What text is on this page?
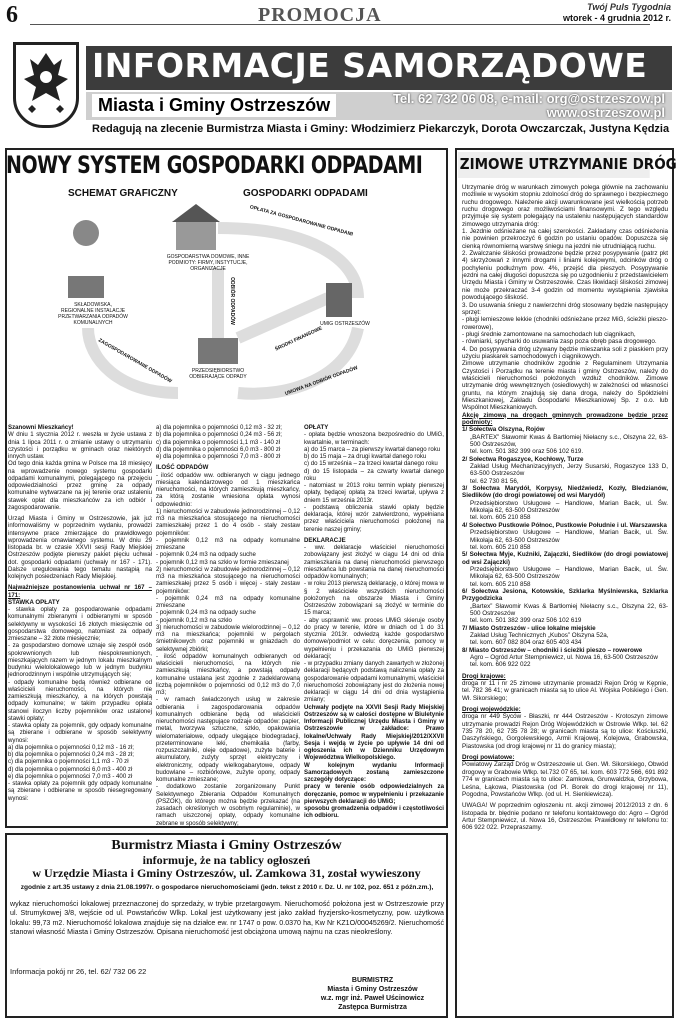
6	PROMOCJA	Twój Puls Tygodnia
wtorek - 4 grudnia 2012 r.
INFORMACJE SAMORZĄDOWE
Miasta i Gminy Ostrzeszów	Tel. 62 732 06 08, e-mail: org@ostrzeszow.pl
www.ostrzeszow.pl
Redagują na zlecenie Burmistrza Miasta i Gminy: Włodzimierz Piekarczyk, Dorota Owczarczak, Justyna Kędzia
NOWY SYSTEM GOSPODARKI ODPADAMI
SCHEMAT GRAFICZNY	GOSPODARKI ODPADAMI
GOSPODARSTWA DOMOWE, INNE PODMIOTY: FIRMY, INSTYTUCJE, ORGANIZACJE
SKŁADOWISKA, REGIONALNE INSTALACJE PRZETWARZANIA ODPADÓW KOMUNALNYCH	UMIG OSTRZESZÓW
PRZEDSIĘBIORSTWO ODBIERAJĄCE ODPADY
OPŁATA ZA GOSPODAROWANIE ODPADAMI
ODBIÓR ODPADÓW
ŚRODKI FINANSOWE
UMOWA NA ODBIÓR ODPADÓW
ZAGOSPODAROWANIE ODPADÓW
Szanowni Mieszkańcy!
W dniu 1 stycznia 2012 r. weszła w życie ustawa z dnia 1 lipca 2011 r. o zmianie ustawy o utrzymaniu czystości i porządku w gminach oraz niektórych innych ustaw.
Od tego dnia każda gmina w Polsce ma 18 miesięcy na wprowadzenie nowego systemu gospodarki odpadami komunalnymi, polegającego na przejęciu odpowiedzialności przez gminę za odpady komunalne wytwarzane na jej terenie oraz ustaleniu stawek opłat dla mieszkańców za ich odbiór i zagospodarowanie.
Urząd Miasta i Gminy w Ostrzeszowie, jak już informowaliśmy w poprzednim wydaniu, prowadzi intensywne prace zmierzające do prawidłowego wprowadzenia omawianego systemu. W dniu 29 listopada br. w czasie XXVII sesji Rady Miejskiej Ostrzeszów podjęte pierwszy pakiet pięciu uchwał dot. gospodarki odpadami (uchwały nr 167 - 171). Dalsze uregulowania tego tematu nastąpią na kolejnych posiedzeniach Rady Miejskiej.
Najważniejsze postanowienia uchwał nr 167 – 171:
STAWKA OPŁATY
- stawka opłaty za gospodarowanie odpadami komunalnymi zbieranymi i odbieranymi w sposób selektywny w wysokości 16 złotych miesięcznie od gospodarstwa domowego, natomiast za odpady zmieszane – 32 złote miesięcznie;
- za gospodarstwo domowe uznaje się zespół osób spokrewnionych lub niespokrewnionych, mieszkających razem w jednym lokalu mieszkalnym budynku wielolokalowego lub w jednym budynku jednorodzinnym i wspólnie utrzymujących się;
- odpady komunalne będą również odbierane od właścicieli nieruchomości, na których nie zamieszkują mieszkańcy, a na których powstają odpady komunalne; w takim przypadku opłata stanowi iloczyn liczby pojemników oraz ustalonej stawki opłaty;
- stawka opłaty za pojemnik, gdy odpady komunalne są zbierane i odbierane w sposób selektywny wynosi:
a) dla pojemnika o pojemności 0,12 m3 - 16 zł;
b) dla pojemnika o pojemności 0,24 m3 - 28 zł;
c) dla pojemnika o pojemności 1,1 m3 - 70 zł
d) dla pojemnika o pojemności 6,0 m3 - 400 zł
e) dla pojemnika o pojemności 7,0 m3 - 400 zł
- stawka opłaty za pojemnik gdy odpady komunalne są zbierane i odbierane w sposób niesegregowany wynosi:
a) dla pojemnika o pojemności 0,12 m3 - 32 zł;
b) dla pojemnika o pojemności 0,24 m3 - 56 zł;
c) dla pojemnika o pojemności 1,1 m3 - 140 zł
d) dla pojemnika o pojemności 6,0 m3 - 800 zł
e) dla pojemnika o pojemności 7,0 m3 - 800 zł
ILOŚĆ ODPADÓW
- ilość odpadów ww. odbieranych w ciągu jednego miesiąca kalendarzowego od 1 mieszkańca nieruchomości, na których zamieszkują mieszkańcy, za którą zostanie wniesiona opłata wynosi odpowiednio:
1) nieruchomości w zabudowie jednorodzinnej – 0,12 m3 na mieszkańca stosującego na nieruchomości zamieszkałej przez 1 do 4 osób - stały zestaw pojemników:
- pojemnik 0,12 m3 na odpady komunalne zmieszane
- pojemnik 0,24 m3 na odpady suche
- pojemnik 0,12 m3 na szkło w formie zmieszanej
2) nieruchomości w zabudowie jednorodzinnej – 0,12 m3 na mieszkańca stosującego na nieruchomości zamieszkałej przez 5 osób i więcej - stały zestaw pojemników:
- pojemnik 0,24 m3 na odpady komunalne zmieszane
- pojemnik 0,24 m3 na odpady suche
- pojemnik 0,12 m3 na szkło
3) nieruchomości w zabudowie wielorodzinnej – 0,12 m3 na mieszkańca; pojemniki w pergolach śmietnikowych oraz pojemniki w gniazdach do selektywnej zbiórki;
- ilość odpadów komunalnych odbieranych od właścicieli nieruchomości, na których nie zamieszkują mieszkańcy, a powstają odpady komunalne ustalana jest zgodnie z zadeklarowaną liczbą pojemników o pojemności od 0,12 m3 do 7,0 m3;
- w ramach świadczonych usług w zakresie odbierania i zagospodarowania odpadów komunalnych odbierane będą od właścicieli nieruchomości następujące rodzaje odpadów: papier, metal, tworzywa sztuczne, szkło, opakowania wielomateriałowe, odpady ulegające biodegradacji, przeterminowane leki, chemikalia (farby, rozpuszczalniki, oleje odpadowe), zużyte baterie i akumulatory, zużyty sprzęt elektryczny i elektroniczny, odpady wielkogabarytowe, odpady budowlane – rozbiórkowe, zużyte opony, odpady komunalne zmieszane;
- dodatkowo zostanie zorganizowany Punkt Selektywnego Zbierania Odpadów Komunalnych (PSZOK), do którego można będzie przekazać (na zasadach określonych w osobnym regulaminie), w ramach uiszczonej opłaty, odpady komunalne zebrane w sposób selektywny;
OPŁATY
- opłata będzie wnoszona bezpośrednio do UMiG, kwartalnie, w terminach:
a) do 15 marca – za pierwszy kwartał danego roku
b) do 15 maja – za drugi kwartał danego roku
c) do 15 września – za trzeci kwartał danego roku
d) do 15 listopada – za czwarty kwartał danego roku
- natomiast w 2013 roku termin wpłaty pierwszej opłaty, będącej opłatą za trzeci kwartał, upływa z dniem 15 września 2013r.
- podstawą obliczenia stawki opłaty będzie deklaracja, której wzór zatwierdzono, wypełniana przez właściciela nieruchomości położonej na terenie naszej gminy;
DEKLARACJE
- ww. deklaracje właściciel nieruchomości zobowiązany jest złożyć w ciągu 14 dni od dnia zamieszkania na danej nieruchomości pierwszego mieszkańca lub powstania na danej nieruchomości odpadów komunalnych;
- w roku 2013 pierwszą deklarację, o której mowa w § 2 właściciele wszystkich nieruchomości położonych na obszarze Miasta i Gminy Ostrzeszów zobowiązani są złożyć w terminie do 15 marca;
- aby usprawnić ww. proces UMiG skieruje osoby do pracy w terenie, które w dniach od 1 do 31 stycznia 2013r. odwiedzą każde gospodarstwo domowe/podmiot w celu: doręczenia, pomocy w wypełnieniu i przekazania do UMiG pierwszej deklaracji;
- w przypadku zmiany danych zawartych w złożonej deklaracji będących podstawą naliczenia opłaty za gospodarowanie odpadami komunalnymi, właściciel nieruchomości zobowiązany jest do złożenia nowej deklaracji w ciągu 14 dni od dnia wystąpienia zmiany;
Uchwały podjęte na XXVII Sesji Rady Miejskiej Ostrzeszów są w całości dostępne w Biuletynie Informacji Publicznej Urzędu Miasta i Gminy w Ostrzeszowie w zakładce: Prawo lokalne/Uchwały Rady Miejskiej/2012/XXVII Sesja i wejdą w życie po upływie 14 dni od ogłoszenia ich w Dzienniku Urzędowym Województwa Wielkopolskiego.
W kolejnym wydaniu Informacji Samorządowych zostaną zamieszczone szczegóły dotyczące:
pracy w terenie osób odpowiedzialnych za doręczanie, pomoc w wypełnieniu i przekazanie pierwszych deklaracji do UMiG;
sposobu gromadzenia odpadów i częstotliwości ich odbioru.
ZIMOWE UTRZYMANIE DRÓG
Utrzymanie dróg w warunkach zimowych polega głównie na zachowaniu możliwie w wysokim stopniu zdolności dróg do sprawnego i bezpiecznego ruchu drogowego. Należenie akcji uwarunkowane jest wielkością potrzeb ruchu drogowego oraz możliwościami finansowymi. Z tego względu przyjmuje się system polegający na ustaleniu następujących standardów zimowego utrzymania dróg:
1. Jezdnie odśnieżane na całej szerokości. Zakładany czas odśnieżenia nie powinien przekroczyć 6 godzin po ustaniu opadów. Dopuszcza się cienką równomierną warstwę śniegu na jezdni nie utrudniającą ruchu.
2. Zwalczanie śliskości prowadzone będzie przez posypywanie (patrz pkt 4) skrzyżowań z innymi drogami i liniami kolejowymi, odcinków dróg o pochyleniu podłużnym pow. 4%, przejść dla pieszych. Posypywanie jezdni na całej długości dopuszcza się po uzgodnieniu z przedstawicielem Urzędu Miasta i Gminy w Ostrzeszowie. Czas likwidacji śliskości zimowej nie może przekraczać 3-4 godzin od momentu wystąpienia zjawiska powodującego śliskość.
3. Do usuwania śniegu z nawierzchni dróg stosowany będzie następujący sprzęt:
- pługi lemieszowe lekkie (chodniki odśnieżane przez MiG, ścieżki pieszo-rowerowe),
- pługi średnie zamontowane na samochodach lub ciągnikach,
- równiarki, spycharki do usuwania zasp poza obręb pasa drogowego.
4. Do posypywania dróg używany będzie mieszanka soli z piaskiem przy użyciu piaskarek samochodowych i ciągnikowych.
Zimowe utrzymanie chodników zgodnie z Regulaminem Utrzymania Czystości i Porządku na terenie miasta i gminy Ostrzeszów, należy do właścicieli nieruchomości położonych wzdłuż chodników. Zimowe utrzymanie dróg wewnętrznych (osiedlowych) w zależności od własności gruntu, na którym znajdują się dana droga, należy do Spółdzielni Mieszkaniowej, Zakładu Gospodarki Mieszkaniowej Sp. z o.o. lub Wspólnot Mieszkaniowych.
Akcję zimową na drogach gminnych prowadzone będzie przez podmioty:
1/ Sołectwa Olszyna, Rojów
„BARTEX” Sławomir Kwas & Bartłomiej Niełacny s.c., Olszyna 22, 63-500 Ostrzeszów,
tel. kom. 501 382 399 oraz 506 102 619.
2/ Sołectwa Rogaszyce, Kochłowy, Turze
Zakład Usług Mechanizacyjnych, Jerzy Susarski, Rogaszyce 133 D, 63-500 Ostrzeszów
tel. 62 730 81 56,
3/ Sołectwa Marydół, Korpysy, Niedźwiedź, Kozły, Bledzianów, Siedlików (do drogi powiatowej od wsi Marydół)
Przedsiębiorstwo Usługowe – Handlowe, Marian Bacik, ul. Św. Mikołaja 62, 63-500 Ostrzeszów
tel. kom. 605 210 858
4/ Sołectwo Pustkowie Północ, Pustkowie Południe i ul. Warszawska
Przedsiębiorstwo Usługowe – Handlowe, Marian Bacik, ul. Św. Mikołaja 62, 63-500 Ostrzeszów
tel. kom. 605 210 858
5/ Sołectwa Myje, Kuźniki, Zajączki, Siedlików (do drogi powiatowej od wsi Zajączki)
Przedsiębiorstwo Usługowe – Handlowe, Marian Bacik, ul. Św. Mikołaja 62, 63-500 Ostrzeszów
tel. kom. 605 210 858
6/ Sołectwa Jesiona, Kotowskie, Szklarka Myślniewska, Szklarka Przygodzicka
„Bartex” Sławomir Kwas & Bartłomiej Niełacny s.c., Olszyna 22, 63-500 Ostrzeszów
tel. kom. 501 382 399 oraz 506 102 619
7/ Miasto Ostrzeszów - ulice lokalne miejskie
Zakład Usług Technicznych „Kubos” Olszyna 52a,
tel. kom. 607 082 804 oraz 605 403 434
8/ Miasto Ostrzeszów – chodniki i ścieżki pieszo – rowerowe
Agro – Ogród Artur Stempniewicz, ul. Nowa 16, 63-500 Ostrzeszów
tel. kom. 606 922 022
Drogi krajowe:
droga nr 11 i nr 25 zimowe utrzymanie prowadzi Rejon Dróg w Kępnie, tel. 782 36 41; w granicach miasta są to ulice Al. Wojska Polskiego i Gen. Wł. Sikorskiego;
Drogi wojewódzkie:
droga nr 449 Syców - Błaszki, nr 444 Ostrzeszów - Krotoszyn zimowe utrzymanie prowadzi Rejon Dróg Wojewódzkich w Ostrowie Wlkp. tel. 62 735 78 20, 62 735 78 28; w granicach miasta są to ulice: Kościuszki, Daszyńskiego, Gorgolewskiego, Armii Krajowej, Kolejowa, Grabowska, Piastowska (od drogi krajowej nr 11 do granicy miasta);
Drogi powiatowe:
Powiatowy Zarząd Dróg w Ostrzeszowie ul. Gen. Wł. Sikorskiego, Obwód drogowy w Grabowie Wlkp. tel.732 07 65, tel. kom. 603 772 566, 691 892 774 w granicach miasta są to ulice: Zamkowa, Grunwaldzka, Grzybowa, Leśna, Łąkowa, Piastowska (od Pl. Borek do drogi krajowej nr 11), Pogodna, Powstańców Wlkp. (od ul. H. Sienkiewicza).
UWAGA! W poprzednim ogłoszeniu nt. akcji zimowej 2012/2013 z dn. 6 listopada br. błędnie podano nr telefonu kontaktowego do: Agro – Ogród Artur Stempniewicz, ul. Nowa 16, Ostrzeszów. Prawidłowy nr telefonu to: 606 922 022. Przepraszamy.
Burmistrz Miasta i Gminy Ostrzeszów
informuje, że na tablicy ogłoszeń
w Urzędzie Miasta i Gminy Ostrzeszów, ul. Zamkowa 31, został wywieszony
zgodnie z art.35 ustawy z dnia 21.08.1997r. o gospodarce nieruchomościami (jedn. tekst z 2010 r. Dz. U. nr 102, poz. 651 z późn.zm.),
wykaz nieruchomości lokalowej przeznaczonej do sprzedaży, w trybie przetargowym. Nieruchomość położona jest w Ostrzeszowie przy ul. Strumykowej 3/8, wejście od ul. Powstańców Wlkp. Lokal jest użytkowany jest jako zakład fryzjersko-kosmetyczny, pow. użytkowa lokalu: 99,73 m2. Nieruchomość lokalowa znajduje się na działce ew. nr 1747 o pow. 0.0370 ha, Kw Nr KZ1O/00045269/2. Nieruchomość stanowi własność Miasta i Gminy Ostrzeszów. Opisana nieruchomość jest obciążona umową najmu na czas nieokreślony.
Informacja pokój nr 26, tel. 62/ 732 06 22
BURMISTRZ
Miasta i Gminy Ostrzeszów
w.z. mgr inż. Paweł Uścinowicz
Zastępca Burmistrza
